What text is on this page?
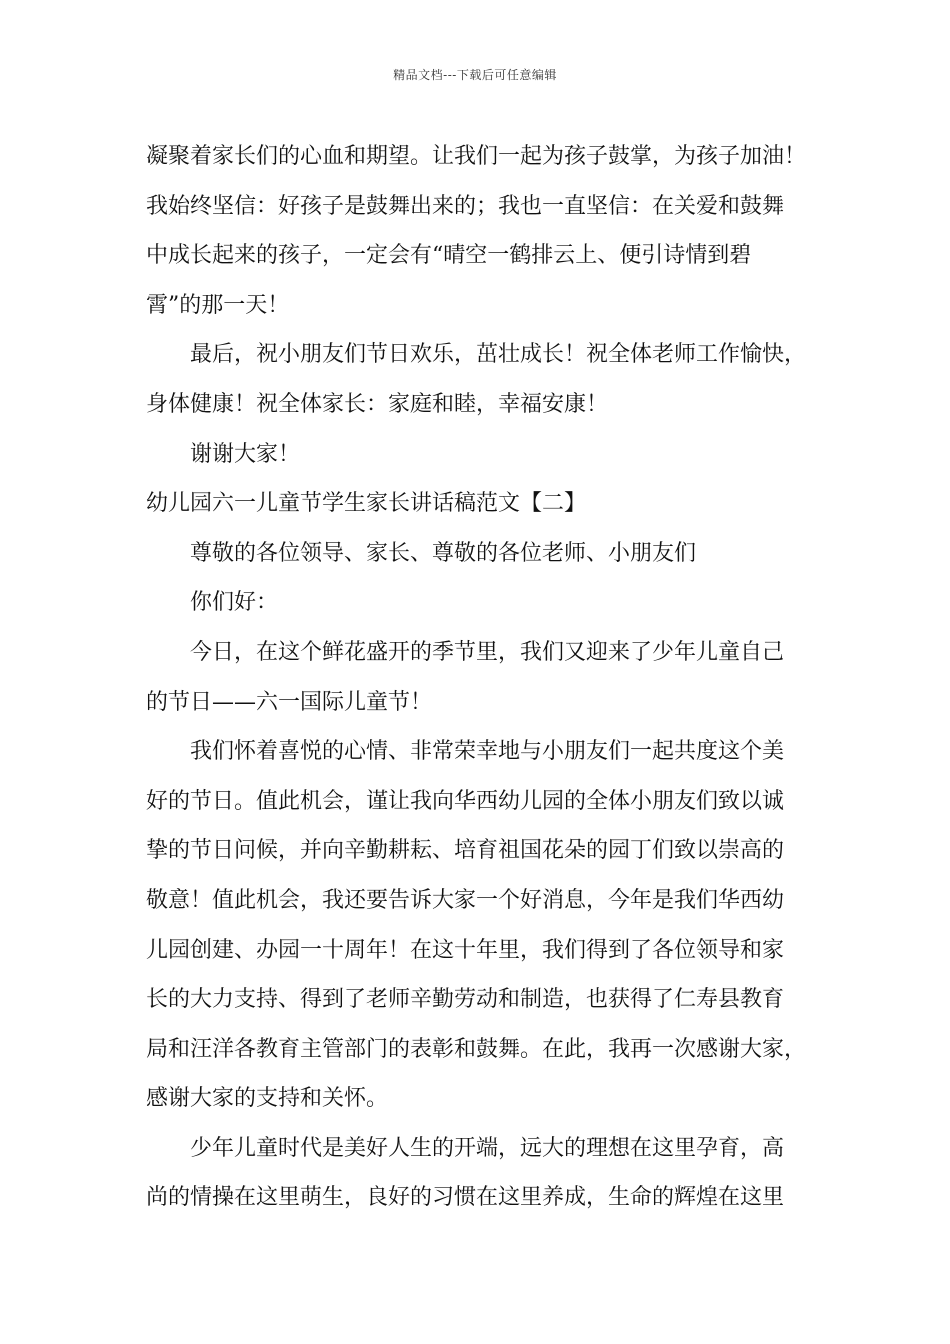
精品文档---下载后可任意编辑
凝聚着家长们的心血和期望。让我们一起为孩子鼓掌，为孩子加油！
我始终坚信：好孩子是鼓舞出来的；我也一直坚信：在关爱和鼓舞
中成长起来的孩子，一定会有“晴空一鹤排云上、便引诗情到碧
霄”的那一天！
最后，祝小朋友们节日欢乐，茁壮成长！祝全体老师工作愉快，
身体健康！祝全体家长：家庭和睦，幸福安康！
谢谢大家！
幼儿园六一儿童节学生家长讲话稿范文【二】
尊敬的各位领导、家长、尊敬的各位老师、小朋友们
你们好：
今日，在这个鲜花盛开的季节里，我们又迎来了少年儿童自己
的节日——六一国际儿童节！
我们怀着喜悦的心情、非常荣幸地与小朋友们一起共度这个美
好的节日。值此机会，谨让我向华西幼儿园的全体小朋友们致以诚
挚的节日问候，并向辛勤耕耘、培育祖国花朵的园丁们致以崇高的
敬意！值此机会，我还要告诉大家一个好消息，今年是我们华西幼
儿园创建、办园一十周年！在这十年里，我们得到了各位领导和家
长的大力支持、得到了老师辛勤劳动和制造，也获得了仁寿县教育
局和汪洋各教育主管部门的表彰和鼓舞。在此，我再一次感谢大家，
感谢大家的支持和关怀。
少年儿童时代是美好人生的开端，远大的理想在这里孕育，高
尚的情操在这里萌生，良好的习惯在这里养成，生命的辉煌在这里
